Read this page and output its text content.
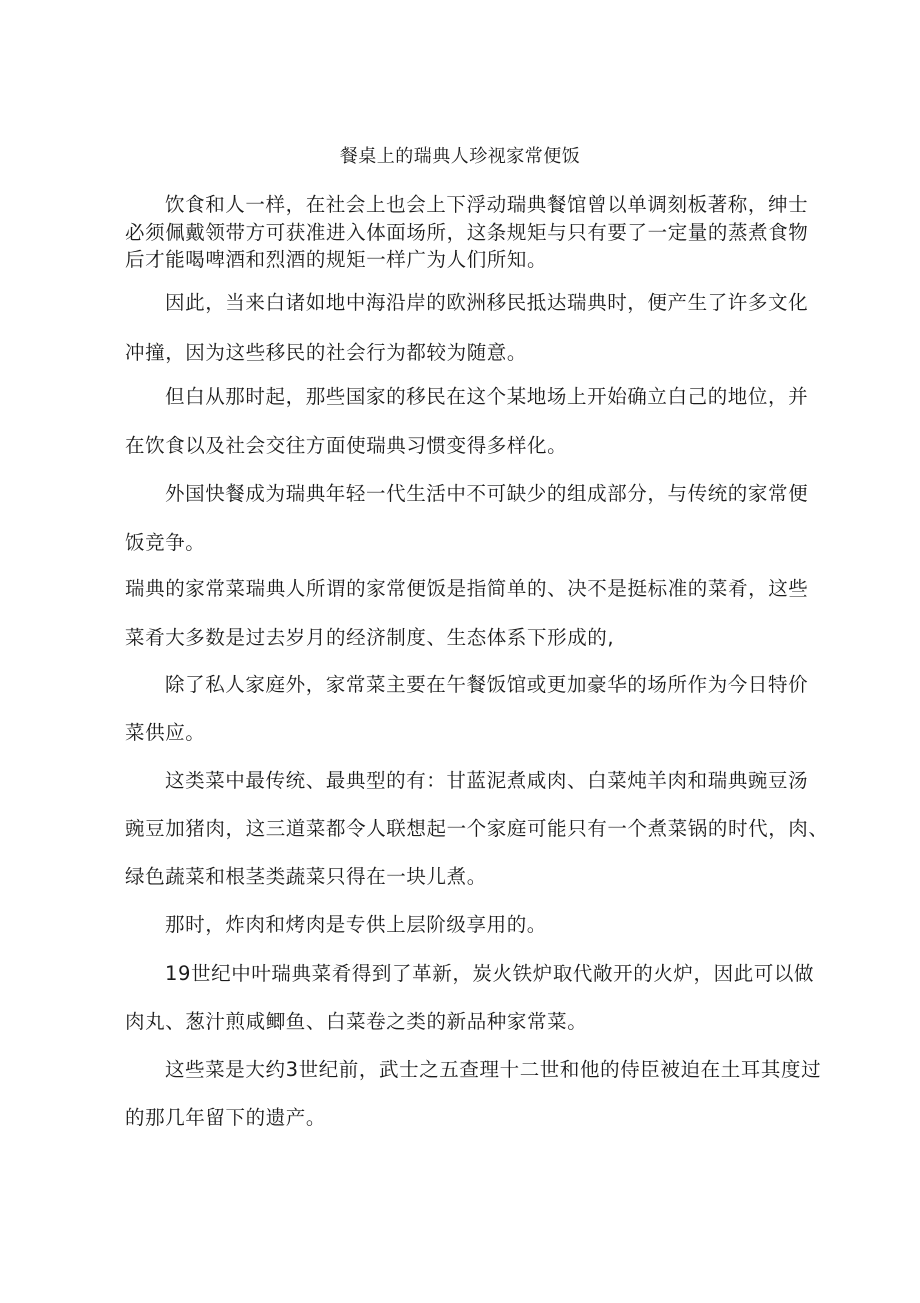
餐桌上的瑞典人珍视家常便饭
饮食和人一样，在社会上也会上下浮动瑞典餐馆曾以单调刻板著称，绅士
必须佩戴领带方可获准进入体面场所，这条规矩与只有要了一定量的蒸煮食物
后才能喝啤酒和烈酒的规矩一样广为人们所知。
因此，当来白诸如地中海沿岸的欧洲移民抵达瑞典时，便产生了许多文化
冲撞，因为这些移民的社会行为都较为随意。
但白从那时起，那些国家的移民在这个某地场上开始确立白己的地位，并
在饮食以及社会交往方面使瑞典习惯变得多样化。
外国快餐成为瑞典年轻一代生活中不可缺少的组成部分，与传统的家常便
饭竞争。
瑞典的家常菜瑞典人所谓的家常便饭是指简单的、决不是挺标准的菜肴，这些
菜肴大多数是过去岁月的经济制度、生态体系下形成的,
除了私人家庭外，家常菜主要在午餐饭馆或更加豪华的场所作为今日特价
菜供应。
这类菜中最传统、最典型的有：甘蓝泥煮咸肉、白菜炖羊肉和瑞典豌豆汤
豌豆加猪肉，这三道菜都令人联想起一个家庭可能只有一个煮菜锅的时代，肉、
绿色蔬菜和根茎类蔬菜只得在一块儿煮。
那时，炸肉和烤肉是专供上层阶级享用的。
19世纪中叶瑞典菜肴得到了革新，炭火铁炉取代敞开的火炉，因此可以做
肉丸、葱汁煎咸鲫鱼、白菜卷之类的新品种家常菜。
这些菜是大约3世纪前，武士之五查理十二世和他的侍臣被迫在土耳其度过
的那几年留下的遗产。
